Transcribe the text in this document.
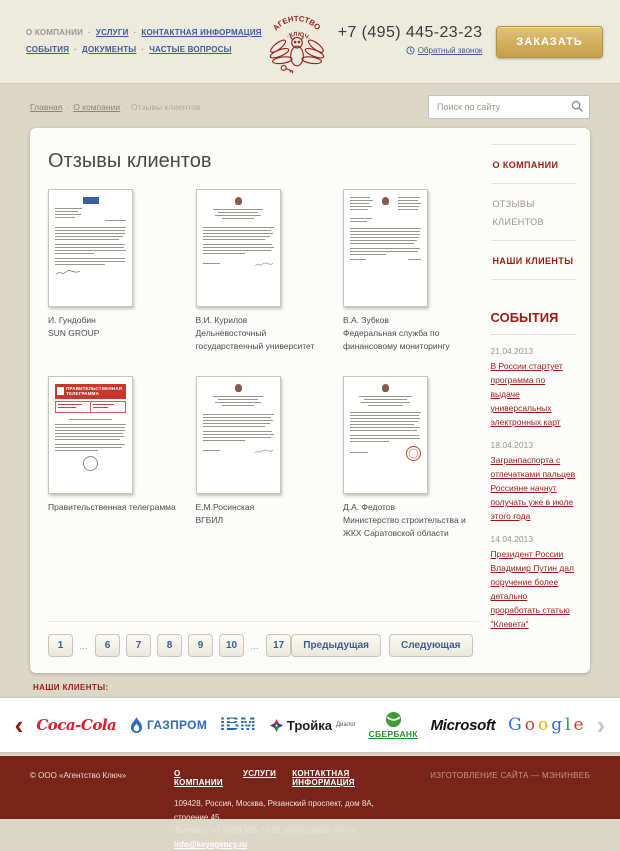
О КОМПАНИИ · УСЛУГИ · КОНТАКТНАЯ ИНФОРМАЦИЯ
СОБЫТИЯ · ДОКУМЕНТЫ · ЧАСТЫЕ ВОПРОСЫ
АГЕНТСТВО
·КЛЮЧ· +7 (495) 445-23-23
Обратный звонок
ЗАКАЗАТЬ
Главная · О компании · Отзывы клиентов
Поиск по сайту
Отзывы клиентов
И. Гундобин
SUN GROUP
В.И. Курилов
Дельневосточный государственный университет
В.А. Зубков
Федеральная служба по финансовому мониторингу
ПРАВИТЕЛЬСТВЕННАЯ ТЕЛЕГРАММА
Правительственная телеграмма	Е.М.Росинская
ВГБИЛ
Д.А. Федотов
Министерство строительства и ЖКХ Саратовской области
1	…	6	7	8	9	10	…	17	Предыдущая	Следующая
О КОМПАНИИ
ОТЗЫВЫ КЛИЕНТОВ
НАШИ КЛИЕНТЫ
СОБЫТИЯ
21.04.2013
В России стартует программа по выдаче универсальных электронных карт
18.04.2013
Загранпаспорта с отпечатками пальцев Россияне начнут получать уже в июле этого года
14.04.2013
Президент России Владимир Путин дал поручение более детально проработать статью "Клевета"
НАШИ КЛИЕНТЫ:
‹ Coca-Cola	ГАЗПРОМ IBM Тройка Диалог
СБЕРБАНК
Microsoft G o o g l e ›
© ООО «Агентство Ключ»	О КОМПАНИИ
УСЛУГИ КОНТАКТНАЯ ИНФОРМАЦИЯ
109428, Россия, Москва, Рязанский проспект, дом 8А, строение 45
Телефон: +7 (495) 508-73-21, электронная почта: info@keyagency.ru
ИЗГОТОВЛЕНИЕ САЙТА — МЭНИНВЕБ
